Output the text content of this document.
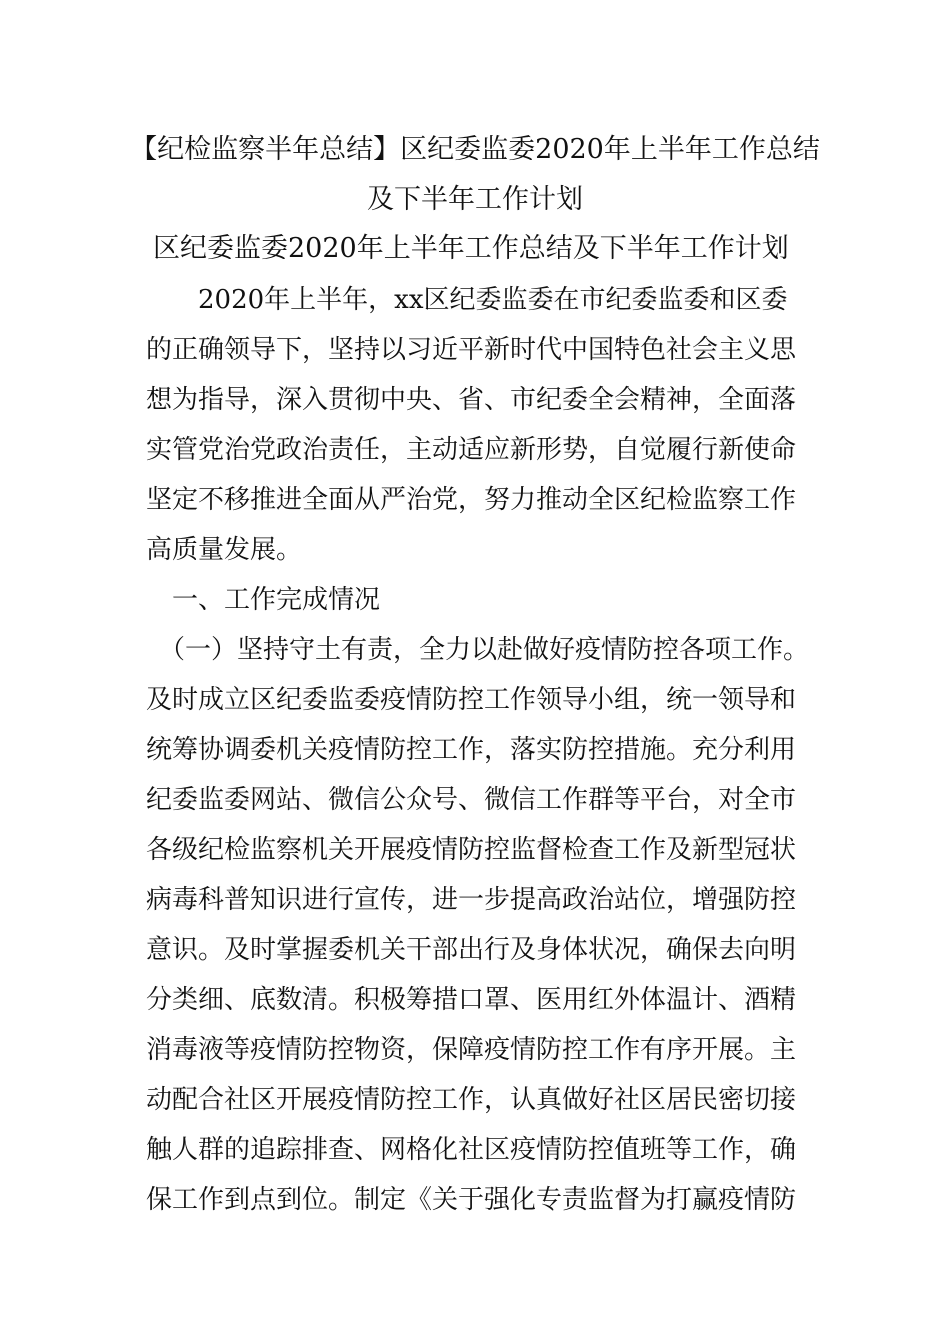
【纪检监察半年总结】区纪委监委2020年上半年工作总结
及下半年工作计划
区纪委监委2020年上半年工作总结及下半年工作计划
　　2020年上半年，xx区纪委监委在市纪委监委和区委
的正确领导下，坚持以习近平新时代中国特色社会主义思
想为指导，深入贯彻中央、省、市纪委全会精神，全面落
实管党治党政治责任，主动适应新形势，自觉履行新使命
坚定不移推进全面从严治党，努力推动全区纪检监察工作
高质量发展。
　一、工作完成情况
　（一）坚持守土有责，全力以赴做好疫情防控各项工作。
及时成立区纪委监委疫情防控工作领导小组，统一领导和
统筹协调委机关疫情防控工作，落实防控措施。充分利用
纪委监委网站、微信公众号、微信工作群等平台，对全市
各级纪检监察机关开展疫情防控监督检查工作及新型冠状
病毒科普知识进行宣传，进一步提高政治站位，增强防控
意识。及时掌握委机关干部出行及身体状况，确保去向明
分类细、底数清。积极筹措口罩、医用红外体温计、酒精
消毒液等疫情防控物资，保障疫情防控工作有序开展。主
动配合社区开展疫情防控工作，认真做好社区居民密切接
触人群的追踪排查、网格化社区疫情防控值班等工作，确
保工作到点到位。制定《关于强化专责监督为打赢疫情防
